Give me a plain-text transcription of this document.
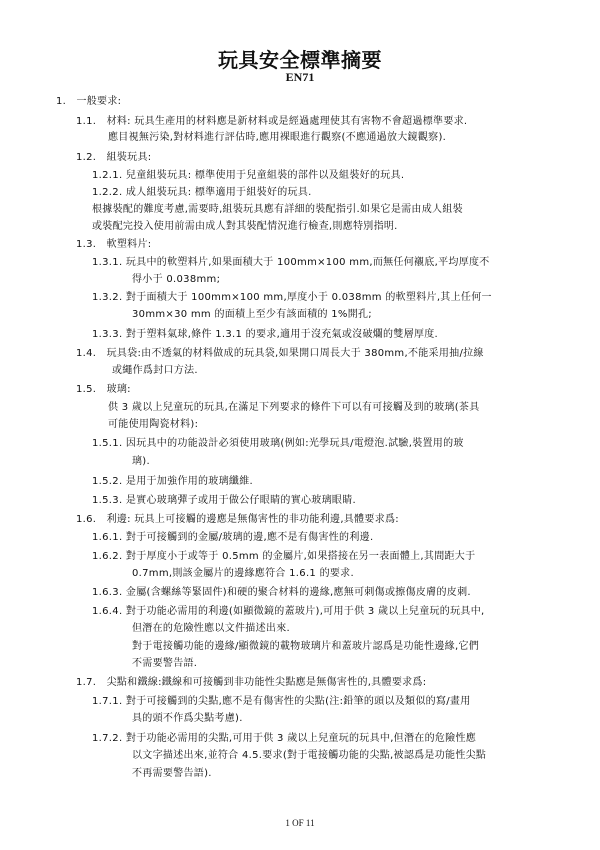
玩具安全標準摘要
EN71
1.　一般要求:
1.1.　材料: 玩具生產用的材料應是新材料或是經過處理使其有害物不會超過標準要求.
應目視無污染,對材料進行評估時,應用裸眼進行觀察(不應通過放大鏡觀察).
1.2.　組裝玩具:
1.2.1. 兒童組裝玩具: 標準使用于兒童組裝的部件以及組裝好的玩具.
1.2.2. 成人組裝玩具: 標準適用于組裝好的玩具.
根據裝配的難度考慮,需要時,組裝玩具應有詳細的裝配指引.如果它是需由成人組裝
或裝配完投入使用前需由成人對其裝配情況進行檢查,則應特別指明.
1.3.　軟塑料片:
1.3.1. 玩具中的軟塑料片,如果面積大于 100mm×100 mm,而無任何襯底,平均厚度不
得小于 0.038mm;
1.3.2. 對于面積大于 100mm×100 mm,厚度小于 0.038mm 的軟塑料片,其上任何一
30mm×30 mm 的面積上至少有該面積的 1%開孔;
1.3.3. 對于塑料氣球,條件 1.3.1 的要求,適用于沒充氣或沒破爛的雙層厚度.
1.4.　玩具袋:由不透氣的材料做成的玩具袋,如果開口周長大于 380mm,不能采用抽/拉線
或繩作爲封口方法.
1.5.　玻璃:
供 3 歲以上兒童玩的玩具,在滿足下列要求的條件下可以有可接觸及到的玻璃(茶具
可能使用陶瓷材料):
1.5.1. 因玩具中的功能設計必須使用玻璃(例如:光學玩具/電燈泡.試驗,裝置用的玻
璃).
1.5.2. 是用于加強作用的玻璃纖維.
1.5.3. 是實心玻璃彈子或用于做公仔眼睛的實心玻璃眼睛.
1.6.　利邊: 玩具上可接觸的邊應是無傷害性的非功能利邊,具體要求爲:
1.6.1. 對于可接觸到的金屬/玻璃的邊,應不是有傷害性的利邊.
1.6.2. 對于厚度小于或等于 0.5mm 的金屬片,如果搭接在另一表面體上,其間距大于
0.7mm,則該金屬片的邊緣應符合 1.6.1 的要求.
1.6.3. 金屬(含螺絲等緊固件)和硬的聚合材料的邊緣,應無可刺傷或擦傷皮膚的皮刺.
1.6.4. 對于功能必需用的利邊(如顯微鏡的蓋玻片),可用于供 3 歲以上兒童玩的玩具中,
但潛在的危險性應以文件描述出來.
對于電接觸功能的邊緣/顯微鏡的載物玻璃片和蓋玻片認爲是功能性邊緣,它們
不需要警告語.
1.7.　尖點和鐵線:鐵線和可接觸到非功能性尖點應是無傷害性的,具體要求爲:
1.7.1. 對于可接觸到的尖點,應不是有傷害性的尖點(注:鉛筆的頭以及類似的寫/畫用
具的頭不作爲尖點考慮).
1.7.2. 對于功能必需用的尖點,可用于供 3 歲以上兒童玩的玩具中,但潛在的危險性應
以文字描述出來,並符合 4.5.要求(對于電接觸功能的尖點,被認爲是功能性尖點
不再需要警告語).
1 OF 11
